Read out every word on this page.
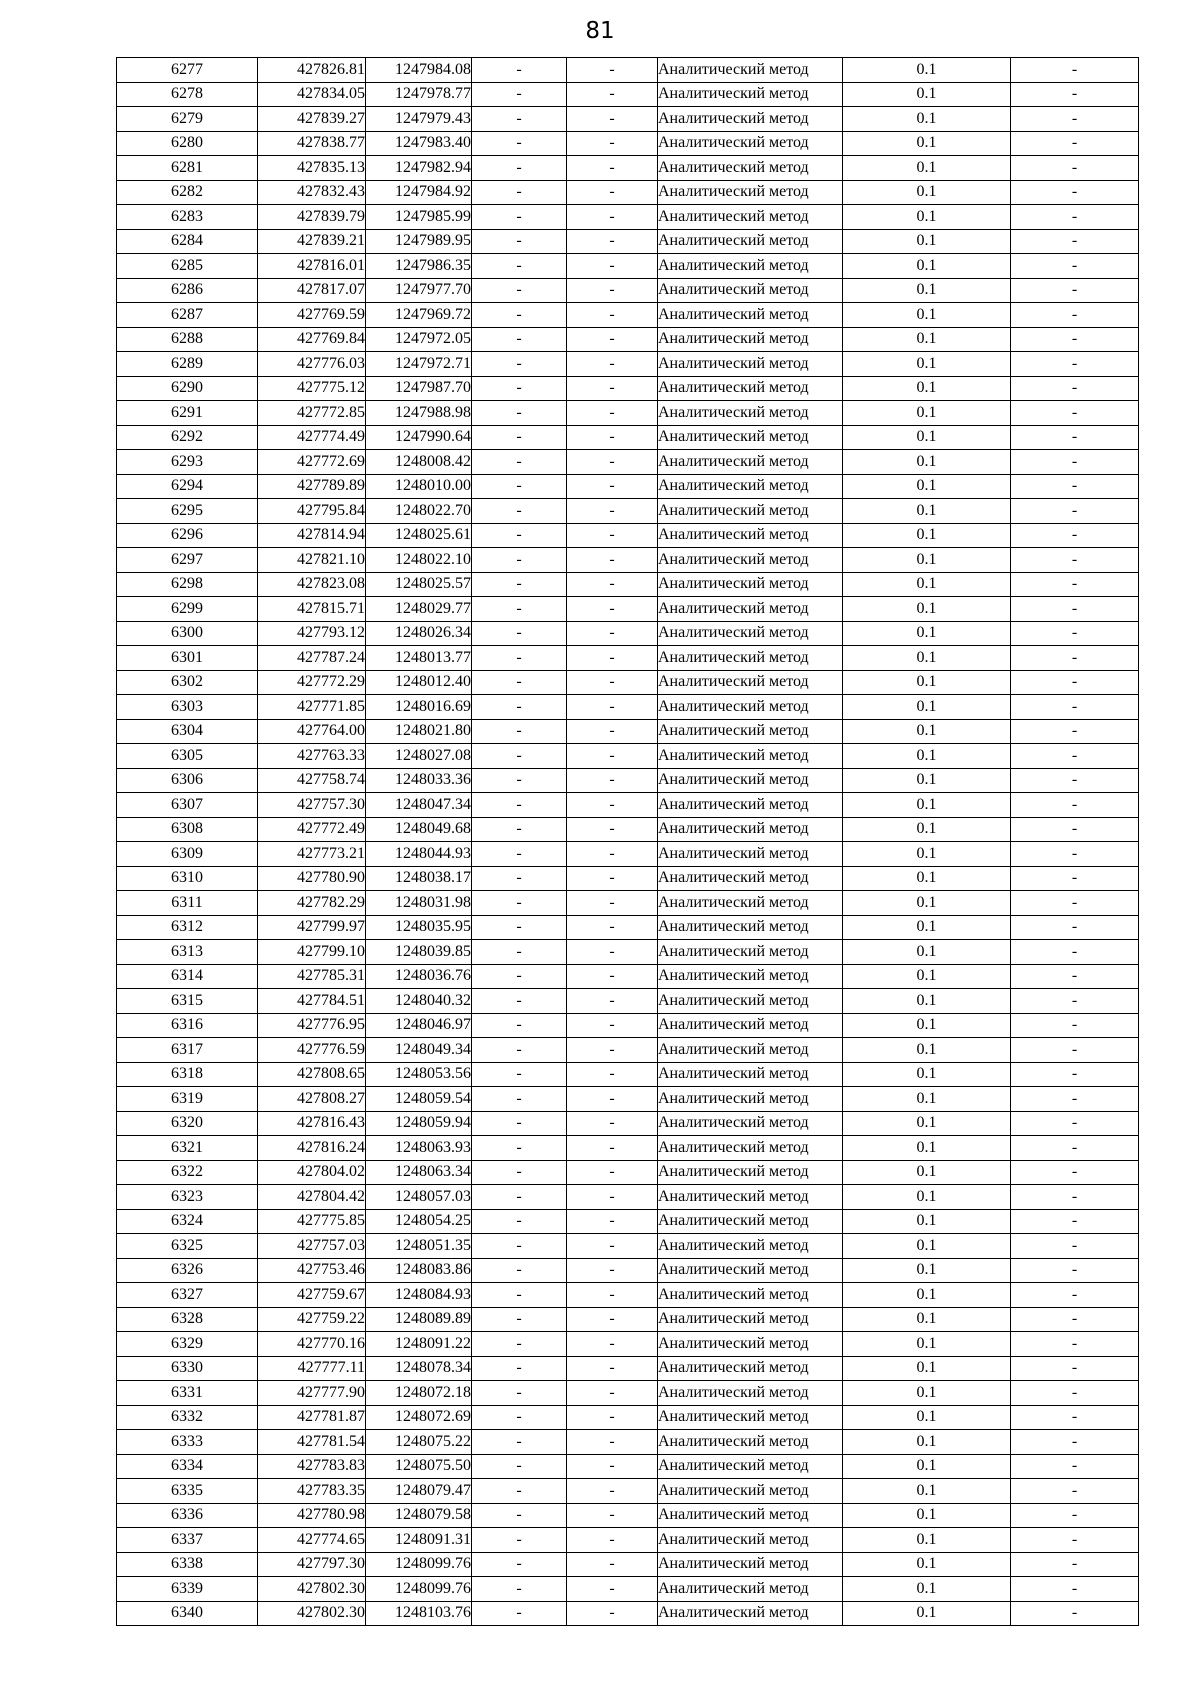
81
6277	427826.81	1247984.08	-	-	Аналитический метод	0.1	-
6278	427834.05	1247978.77	-	-	Аналитический метод	0.1	-
6279	427839.27	1247979.43	-	-	Аналитический метод	0.1	-
6280	427838.77	1247983.40	-	-	Аналитический метод	0.1	-
6281	427835.13	1247982.94	-	-	Аналитический метод	0.1	-
6282	427832.43	1247984.92	-	-	Аналитический метод	0.1	-
6283	427839.79	1247985.99	-	-	Аналитический метод	0.1	-
6284	427839.21	1247989.95	-	-	Аналитический метод	0.1	-
6285	427816.01	1247986.35	-	-	Аналитический метод	0.1	-
6286	427817.07	1247977.70	-	-	Аналитический метод	0.1	-
6287	427769.59	1247969.72	-	-	Аналитический метод	0.1	-
6288	427769.84	1247972.05	-	-	Аналитический метод	0.1	-
6289	427776.03	1247972.71	-	-	Аналитический метод	0.1	-
6290	427775.12	1247987.70	-	-	Аналитический метод	0.1	-
6291	427772.85	1247988.98	-	-	Аналитический метод	0.1	-
6292	427774.49	1247990.64	-	-	Аналитический метод	0.1	-
6293	427772.69	1248008.42	-	-	Аналитический метод	0.1	-
6294	427789.89	1248010.00	-	-	Аналитический метод	0.1	-
6295	427795.84	1248022.70	-	-	Аналитический метод	0.1	-
6296	427814.94	1248025.61	-	-	Аналитический метод	0.1	-
6297	427821.10	1248022.10	-	-	Аналитический метод	0.1	-
6298	427823.08	1248025.57	-	-	Аналитический метод	0.1	-
6299	427815.71	1248029.77	-	-	Аналитический метод	0.1	-
6300	427793.12	1248026.34	-	-	Аналитический метод	0.1	-
6301	427787.24	1248013.77	-	-	Аналитический метод	0.1	-
6302	427772.29	1248012.40	-	-	Аналитический метод	0.1	-
6303	427771.85	1248016.69	-	-	Аналитический метод	0.1	-
6304	427764.00	1248021.80	-	-	Аналитический метод	0.1	-
6305	427763.33	1248027.08	-	-	Аналитический метод	0.1	-
6306	427758.74	1248033.36	-	-	Аналитический метод	0.1	-
6307	427757.30	1248047.34	-	-	Аналитический метод	0.1	-
6308	427772.49	1248049.68	-	-	Аналитический метод	0.1	-
6309	427773.21	1248044.93	-	-	Аналитический метод	0.1	-
6310	427780.90	1248038.17	-	-	Аналитический метод	0.1	-
6311	427782.29	1248031.98	-	-	Аналитический метод	0.1	-
6312	427799.97	1248035.95	-	-	Аналитический метод	0.1	-
6313	427799.10	1248039.85	-	-	Аналитический метод	0.1	-
6314	427785.31	1248036.76	-	-	Аналитический метод	0.1	-
6315	427784.51	1248040.32	-	-	Аналитический метод	0.1	-
6316	427776.95	1248046.97	-	-	Аналитический метод	0.1	-
6317	427776.59	1248049.34	-	-	Аналитический метод	0.1	-
6318	427808.65	1248053.56	-	-	Аналитический метод	0.1	-
6319	427808.27	1248059.54	-	-	Аналитический метод	0.1	-
6320	427816.43	1248059.94	-	-	Аналитический метод	0.1	-
6321	427816.24	1248063.93	-	-	Аналитический метод	0.1	-
6322	427804.02	1248063.34	-	-	Аналитический метод	0.1	-
6323	427804.42	1248057.03	-	-	Аналитический метод	0.1	-
6324	427775.85	1248054.25	-	-	Аналитический метод	0.1	-
6325	427757.03	1248051.35	-	-	Аналитический метод	0.1	-
6326	427753.46	1248083.86	-	-	Аналитический метод	0.1	-
6327	427759.67	1248084.93	-	-	Аналитический метод	0.1	-
6328	427759.22	1248089.89	-	-	Аналитический метод	0.1	-
6329	427770.16	1248091.22	-	-	Аналитический метод	0.1	-
6330	427777.11	1248078.34	-	-	Аналитический метод	0.1	-
6331	427777.90	1248072.18	-	-	Аналитический метод	0.1	-
6332	427781.87	1248072.69	-	-	Аналитический метод	0.1	-
6333	427781.54	1248075.22	-	-	Аналитический метод	0.1	-
6334	427783.83	1248075.50	-	-	Аналитический метод	0.1	-
6335	427783.35	1248079.47	-	-	Аналитический метод	0.1	-
6336	427780.98	1248079.58	-	-	Аналитический метод	0.1	-
6337	427774.65	1248091.31	-	-	Аналитический метод	0.1	-
6338	427797.30	1248099.76	-	-	Аналитический метод	0.1	-
6339	427802.30	1248099.76	-	-	Аналитический метод	0.1	-
6340	427802.30	1248103.76	-	-	Аналитический метод	0.1	-
